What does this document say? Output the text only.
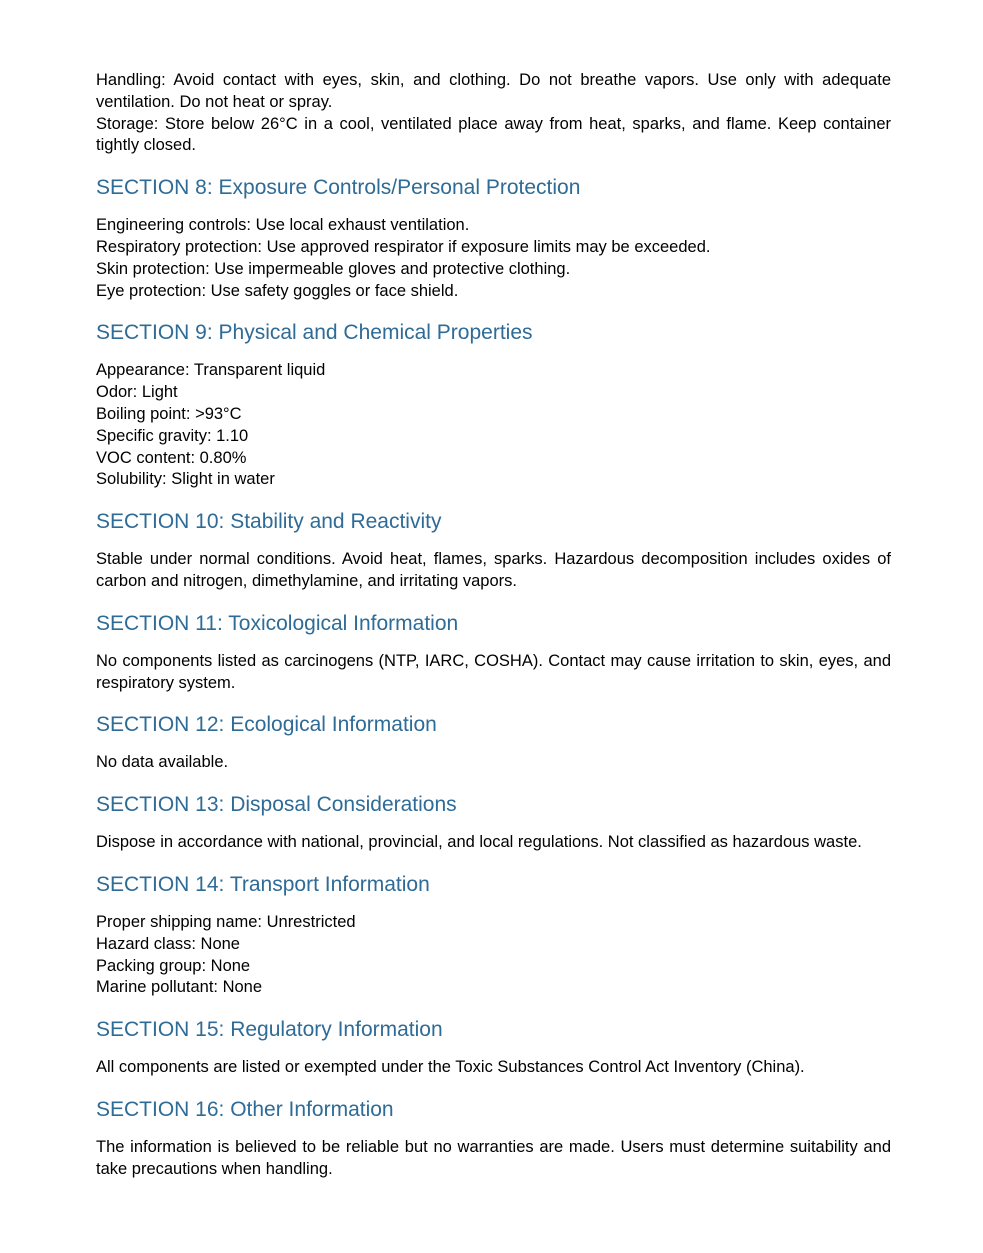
Handling: Avoid contact with eyes, skin, and clothing. Do not breathe vapors. Use only with adequate ventilation. Do not heat or spray.

Storage: Store below 26°C in a cool, ventilated place away from heat, sparks, and flame. Keep container tightly closed.

SECTION 8: Exposure Controls/Personal Protection
Engineering controls: Use local exhaust ventilation.
Respiratory protection: Use approved respirator if exposure limits may be exceeded.
Skin protection: Use impermeable gloves and protective clothing.
Eye protection: Use safety goggles or face shield.
SECTION 9: Physical and Chemical Properties
Appearance: Transparent liquid
Odor: Light
Boiling point: >93°C
Specific gravity: 1.10
VOC content: 0.80%
Solubility: Slight in water
SECTION 10: Stability and Reactivity

Stable under normal conditions. Avoid heat, flames, sparks. Hazardous decomposition includes oxides of carbon and nitrogen, dimethylamine, and irritating vapors.

SECTION 11: Toxicological Information

No components listed as carcinogens (NTP, IARC, COSHA). Contact may cause irritation to skin, eyes, and respiratory system.

SECTION 12: Ecological Information

No data available.

SECTION 13: Disposal Considerations

Dispose in accordance with national, provincial, and local regulations. Not classified as hazardous waste.

SECTION 14: Transport Information
Proper shipping name: Unrestricted
Hazard class: None
Packing group: None
Marine pollutant: None
SECTION 15: Regulatory Information

All components are listed or exempted under the Toxic Substances Control Act Inventory (China).

SECTION 16: Other Information

The information is believed to be reliable but no warranties are made. Users must determine suitability and take precautions when handling.
